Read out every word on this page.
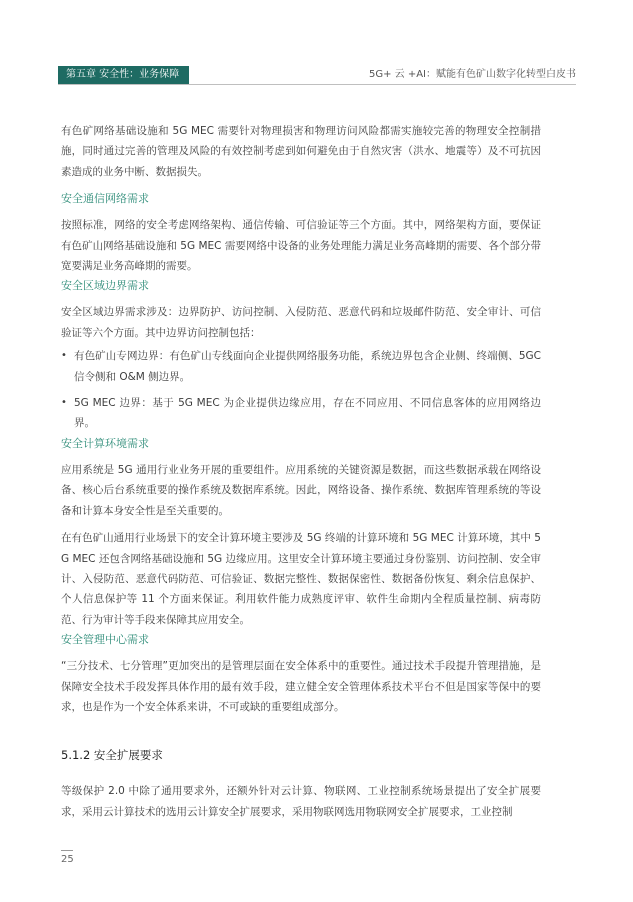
第五章 安全性：业务保障	5G+ 云 +AI：赋能有色矿山数字化转型白皮书

有色矿网络基础设施和 5G MEC 需要针对物理损害和物理访问风险都需实施较完善的物理安全控制措施，同时通过完善的管理及风险的有效控制考虑到如何避免由于自然灾害（洪水、地震等）及不可抗因素造成的业务中断、数据损失。

安全通信网络需求

按照标准，网络的安全考虑网络架构、通信传输、可信验证等三个方面。其中，网络架构方面，要保证有色矿山网络基础设施和 5G MEC 需要网络中设备的业务处理能力满足业务高峰期的需要、各个部分带宽要满足业务高峰期的需要。

安全区域边界需求

安全区域边界需求涉及：边界防护、访问控制、入侵防范、恶意代码和垃圾邮件防范、安全审计、可信验证等六个方面。其中边界访问控制包括：

• 有色矿山专网边界：有色矿山专线面向企业提供网络服务功能，系统边界包含企业侧、终端侧、5GC 信令侧和 O&M 侧边界。
• 5G MEC 边界：基于 5G MEC 为企业提供边缘应用，存在不同应用、不同信息客体的应用网络边界。
安全计算环境需求

应用系统是 5G 通用行业业务开展的重要组件。应用系统的关键资源是数据，而这些数据承载在网络设备、核心后台系统重要的操作系统及数据库系统。因此，网络设备、操作系统、数据库管理系统的等设备和计算本身安全性是至关重要的。

在有色矿山通用行业场景下的安全计算环境主要涉及 5G 终端的计算环境和 5G MEC 计算环境，其中 5G MEC 还包含网络基础设施和 5G 边缘应用。这里安全计算环境主要通过身份鉴别、访问控制、安全审计、入侵防范、恶意代码防范、可信验证、数据完整性、数据保密性、数据备份恢复、剩余信息保护、个人信息保护等 11 个方面来保证。利用软件能力成熟度评审、软件生命期内全程质量控制、病毒防范、行为审计等手段来保障其应用安全。

安全管理中心需求

“三分技术、七分管理”更加突出的是管理层面在安全体系中的重要性。通过技术手段提升管理措施，是保障安全技术手段发挥具体作用的最有效手段，建立健全安全管理体系技术平台不但是国家等保中的要求，也是作为一个安全体系来讲，不可或缺的重要组成部分。

5.1.2 安全扩展要求

等级保护 2.0 中除了通用要求外，还额外针对云计算、物联网、工业控制系统场景提出了安全扩展要求，采用云计算技术的选用云计算安全扩展要求，采用物联网选用物联网安全扩展要求，工业控制

25
